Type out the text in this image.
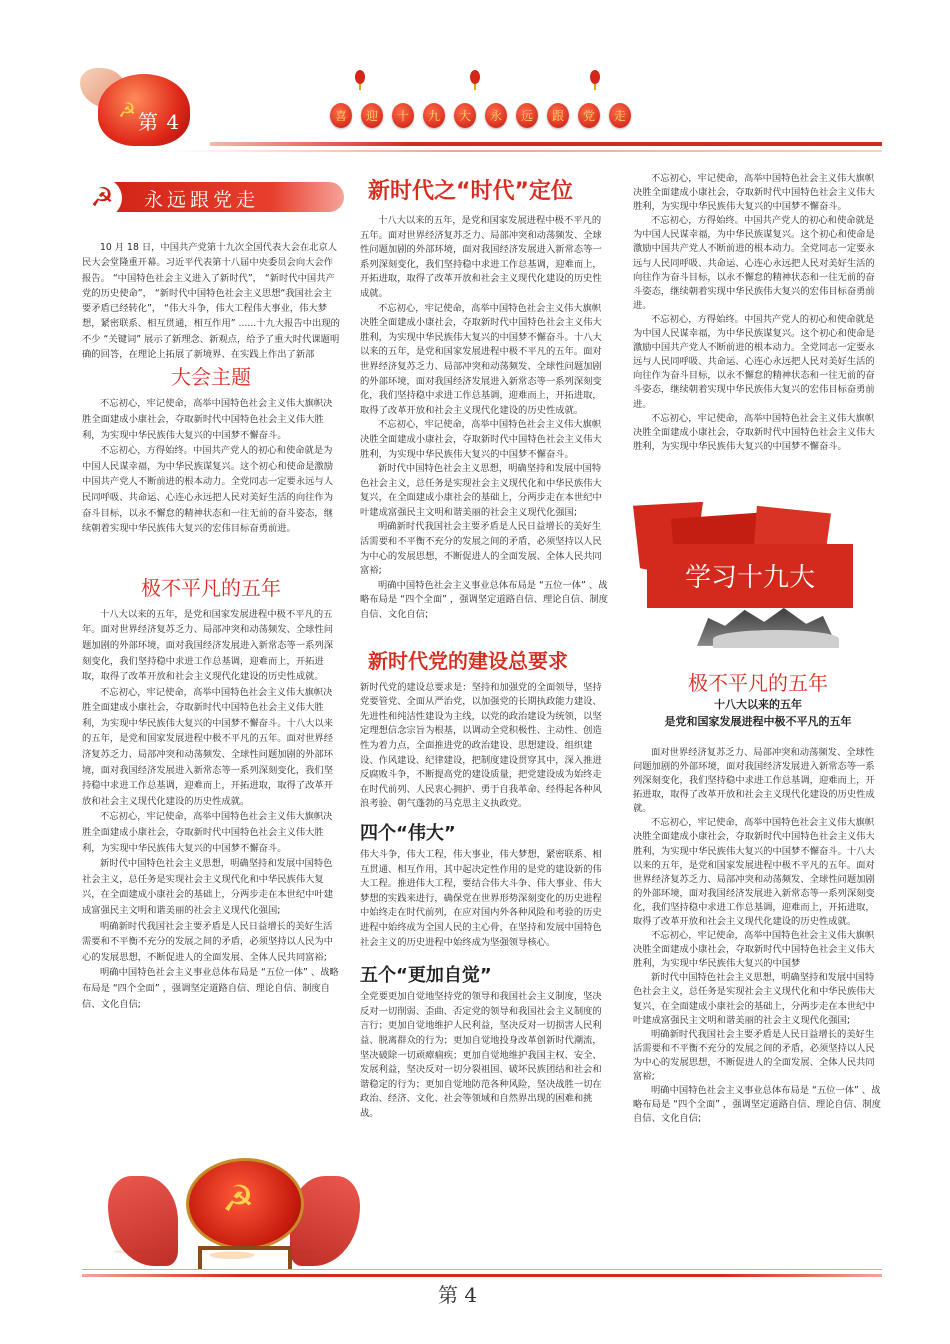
☭ 第 4	喜	迎	十	九	大	永	远	跟	党	走
永远跟党走
☭

10 月 18 日，中国共产党第十九次全国代表大会在北京人民大会堂隆重开幕。习近平代表第十八届中央委员会向大会作报告。 “中国特色社会主义进入了新时代”， “新时代中国共产党的历史使命”， “新时代中国特色社会主义思想“我国社会主要矛盾已经转化”， “伟大斗争，伟大工程伟大事业，伟大梦想，紧密联系、相互贯通，相互作用” ......十九大报告中出现的不少 “关键词” 展示了新理念、新观点，给予了重大时代课题明确的回答，在理论上拓展了新境界、在实践上作出了新部

大会主题

不忘初心，牢记使命，高举中国特色社会主义伟大旗帜决胜全面建成小康社会，夺取新时代中国特色社会主义伟大胜利，为实现中华民族伟大复兴的中国梦不懈奋斗。

不忘初心，方得始终。中国共产党人的初心和使命就是为中国人民谋幸福，为中华民族谋复兴。这个初心和使命是激励中国共产党人不断前进的根本动力。全党同志一定要永远与人民同呼吸、共命运、心连心永远把人民对美好生活的向往作为奋斗目标，以永不懈怠的精神状态和一往无前的奋斗姿态，继续朝着实现中华民族伟大复兴的宏伟目标奋勇前进。

极不平凡的五年

十八大以来的五年，是党和国家发展进程中极不平凡的五年。面对世界经济复苏乏力、局部冲突和动荡频发、全球性问题加剧的外部环境，面对我国经济发展进入新常态等一系列深刻变化，我们坚持稳中求进工作总基调，迎难而上，开拓进取，取得了改革开放和社会主义现代化建设的历史性成就。

不忘初心，牢记使命，高举中国特色社会主义伟大旗帜决胜全面建成小康社会，夺取新时代中国特色社会主义伟大胜利，为实现中华民族伟大复兴的中国梦不懈奋斗。十八大以来的五年，是党和国家发展进程中极不平凡的五年。面对世界经济复苏乏力、局部冲突和动荡频发、全球性问题加剧的外部环境，面对我国经济发展进入新常态等一系列深刻变化，我们坚持稳中求进工作总基调，迎难而上，开拓进取，取得了改革开放和社会主义现代化建设的历史性成就。

不忘初心，牢记使命，高举中国特色社会主义伟大旗帜决胜全面建成小康社会，夺取新时代中国特色社会主义伟大胜利，为实现中华民族伟大复兴的中国梦不懈奋斗。

新时代中国特色社会主义思想，明确坚持和发展中国特色社会主义，总任务是实现社会主义现代化和中华民族伟大复兴，在全面建成小康社会的基础上，分两步走在本世纪中叶建成富强民主文明和谐美丽的社会主义现代化强国;

明确新时代我国社会主要矛盾是人民日益增长的美好生活需要和不平衡不充分的发展之间的矛盾，必须坚持以人民为中心的发展思想，不断促进人的全面发展、全体人民共同富裕;

明确中国特色社会主义事业总体布局是 “五位一体” 、战略布局是 “四个全面” ，强调坚定道路自信、理论自信、制度自信、文化自信;

☭
新时代之“时代”定位

十八大以来的五年，是党和国家发展进程中极不平凡的五年。面对世界经济复苏乏力、局部冲突和动荡频发、全球性问题加剧的外部环境，面对我国经济发展进入新常态等一系列深刻变化，我们坚持稳中求进工作总基调，迎难而上，开拓进取，取得了改革开放和社会主义现代化建设的历史性成就。

不忘初心，牢记使命，高举中国特色社会主义伟大旗帜决胜全面建成小康社会，夺取新时代中国特色社会主义伟大胜利，为实现中华民族伟大复兴的中国梦不懈奋斗。十八大以来的五年，是党和国家发展进程中极不平凡的五年。面对世界经济复苏乏力、局部冲突和动荡频发、全球性问题加剧的外部环境，面对我国经济发展进入新常态等一系列深刻变化，我们坚持稳中求进工作总基调，迎难而上，开拓进取，取得了改革开放和社会主义现代化建设的历史性成就。

不忘初心，牢记使命，高举中国特色社会主义伟大旗帜决胜全面建成小康社会，夺取新时代中国特色社会主义伟大胜利，为实现中华民族伟大复兴的中国梦不懈奋斗。

新时代中国特色社会主义思想，明确坚持和发展中国特色社会主义，总任务是实现社会主义现代化和中华民族伟大复兴，在全面建成小康社会的基础上，分两步走在本世纪中叶建成富强民主文明和谐美丽的社会主义现代化强国;

明确新时代我国社会主要矛盾是人民日益增长的美好生活需要和不平衡不充分的发展之间的矛盾，必须坚持以人民为中心的发展思想，不断促进人的全面发展、全体人民共同富裕;

明确中国特色社会主义事业总体布局是 “五位一体” 、战略布局是 “四个全面” ，强调坚定道路自信、理论自信、制度自信、文化自信;

新时代党的建设总要求

新时代党的建设总要求是：坚持和加强党的全面领导，坚持党要管党、全面从严治党，以加强党的长期执政能力建设、先进性和纯洁性建设为主线，以党的政治建设为统领，以坚定理想信念宗旨为根基，以调动全党积极性、主动性、创造性为着力点，全面推进党的政治建设、思想建设、组织建设、作风建设、纪律建设，把制度建设贯穿其中，深入推进反腐败斗争，不断提高党的建设质量，把党建设成为始终走在时代前列、人民衷心拥护、勇于自我革命、经得起各种风浪考验、朝气蓬勃的马克思主义执政党。

四个“伟大”

伟大斗争，伟大工程，伟大事业，伟大梦想，紧密联系、相互贯通、相互作用，其中起决定性作用的是党的建设新的伟大工程。推进伟大工程，要结合伟大斗争、伟大事业、伟大梦想的实践来进行，确保党在世界形势深刻变化的历史进程中始终走在时代前列，在应对国内外各种风险和考验的历史进程中始终成为全国人民的主心骨，在坚持和发展中国特色社会主义的历史进程中始终成为坚强领导核心。

五个“更加自觉”

全党要更加自觉地坚持党的领导和我国社会主义制度，坚决反对一切削弱、歪曲、否定党的领导和我国社会主义制度的言行；更加自觉地维护人民利益，坚决反对一切损害人民利益、脱离群众的行为；更加自觉地投身改革创新时代潮流，坚决破除一切顽瘴痼疾；更加自觉地维护我国主权、安全、发展利益，坚决反对一切分裂祖国、破坏民族团结和社会和谐稳定的行为；更加自觉地防范各种风险，坚决战胜一切在政治、经济、文化、社会等领域和自然界出现的困难和挑战。

不忘初心，牢记使命，高举中国特色社会主义伟大旗帜决胜全面建成小康社会，夺取新时代中国特色社会主义伟大胜利，为实现中华民族伟大复兴的中国梦不懈奋斗。

不忘初心，方得始终。中国共产党人的初心和使命就是为中国人民谋幸福，为中华民族谋复兴。这个初心和使命是激励中国共产党人不断前进的根本动力。全党同志一定要永远与人民同呼吸、共命运、心连心永远把人民对美好生活的向往作为奋斗目标，以永不懈怠的精神状态和一往无前的奋斗姿态，继续朝着实现中华民族伟大复兴的宏伟目标奋勇前进。

不忘初心，方得始终。中国共产党人的初心和使命就是为中国人民谋幸福，为中华民族谋复兴。这个初心和使命是激励中国共产党人不断前进的根本动力。全党同志一定要永远与人民同呼吸、共命运、心连心永远把人民对美好生活的向往作为奋斗目标，以永不懈怠的精神状态和一往无前的奋斗姿态，继续朝着实现中华民族伟大复兴的宏伟目标奋勇前进。

不忘初心，牢记使命，高举中国特色社会主义伟大旗帜决胜全面建成小康社会，夺取新时代中国特色社会主义伟大胜利，为实现中华民族伟大复兴的中国梦不懈奋斗。

学习十九大
极不平凡的五年
十八大以来的五年
是党和国家发展进程中极不平凡的五年

面对世界经济复苏乏力、局部冲突和动荡频发、全球性问题加剧的外部环境，面对我国经济发展进入新常态等一系列深刻变化，我们坚持稳中求进工作总基调，迎难而上，开拓进取，取得了改革开放和社会主义现代化建设的历史性成就。

不忘初心，牢记使命，高举中国特色社会主义伟大旗帜决胜全面建成小康社会，夺取新时代中国特色社会主义伟大胜利，为实现中华民族伟大复兴的中国梦不懈奋斗。十八大以来的五年，是党和国家发展进程中极不平凡的五年。面对世界经济复苏乏力、局部冲突和动荡频发、全球性问题加剧的外部环境，面对我国经济发展进入新常态等一系列深刻变化，我们坚持稳中求进工作总基调，迎难而上，开拓进取，取得了改革开放和社会主义现代化建设的历史性成就。

不忘初心，牢记使命，高举中国特色社会主义伟大旗帜决胜全面建成小康社会，夺取新时代中国特色社会主义伟大胜利，为实现中华民族伟大复兴的中国梦

新时代中国特色社会主义思想，明确坚持和发展中国特色社会主义，总任务是实现社会主义现代化和中华民族伟大复兴，在全面建成小康社会的基础上，分两步走在本世纪中叶建成富强民主文明和谐美丽的社会主义现代化强国;

明确新时代我国社会主要矛盾是人民日益增长的美好生活需要和不平衡不充分的发展之间的矛盾，必须坚持以人民为中心的发展思想，不断促进人的全面发展、全体人民共同富裕;

明确中国特色社会主义事业总体布局是 “五位一体” 、战略布局是 “四个全面” ，强调坚定道路自信、理论自信、制度自信、文化自信;

第 4
